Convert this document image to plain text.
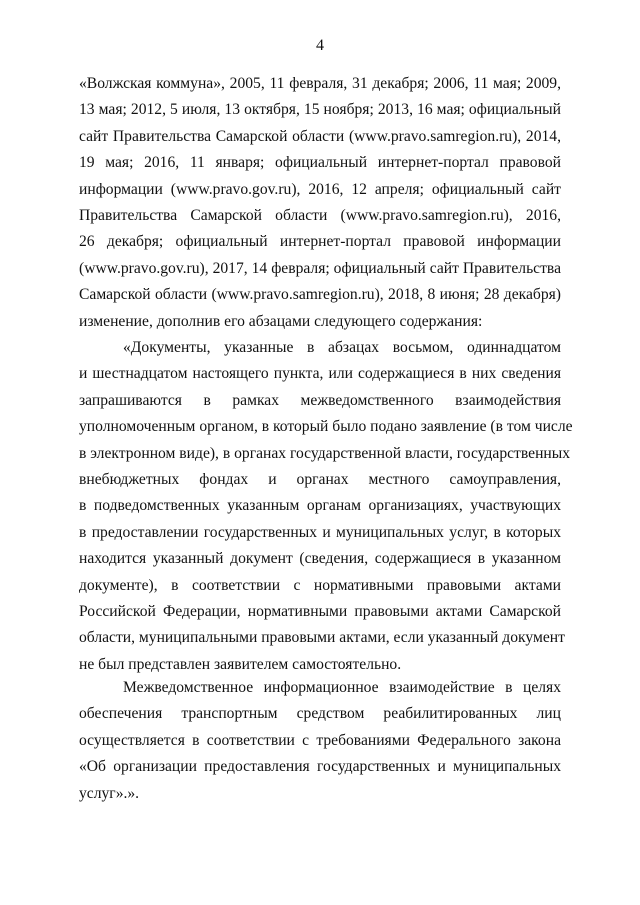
4
«Волжская коммуна», 2005, 11 февраля, 31 декабря; 2006, 11 мая; 2009,
13 мая; 2012, 5 июля, 13 октября, 15 ноября; 2013, 16 мая; официальный
сайт Правительства Самарской области (www.pravo.samregion.ru), 2014,
19 мая; 2016, 11 января; официальный интернет-портал правовой
информации (www.pravo.gov.ru), 2016, 12 апреля; официальный сайт
Правительства Самарской области (www.pravo.samregion.ru), 2016,
26 декабря; официальный интернет-портал правовой информации
(www.pravo.gov.ru), 2017, 14 февраля; официальный сайт Правительства
Самарской области (www.pravo.samregion.ru), 2018, 8 июня; 28 декабря)
изменение, дополнив его абзацами следующего содержания:
«Документы, указанные в абзацах восьмом, одиннадцатом
и шестнадцатом настоящего пункта, или содержащиеся в них сведения
запрашиваются в рамках межведомственного взаимодействия
уполномоченным органом, в который было подано заявление (в том числе
в электронном виде), в органах государственной власти, государственных
внебюджетных фондах и органах местного самоуправления,
в подведомственных указанным органам организациях, участвующих
в предоставлении государственных и муниципальных услуг, в которых
находится указанный документ (сведения, содержащиеся в указанном
документе), в соответствии с нормативными правовыми актами
Российской Федерации, нормативными правовыми актами Самарской
области, муниципальными правовыми актами, если указанный документ
не был представлен заявителем самостоятельно.
Межведомственное информационное взаимодействие в целях
обеспечения транспортным средством реабилитированных лиц
осуществляется в соответствии с требованиями Федерального закона
«Об организации предоставления государственных и муниципальных
услуг».».
